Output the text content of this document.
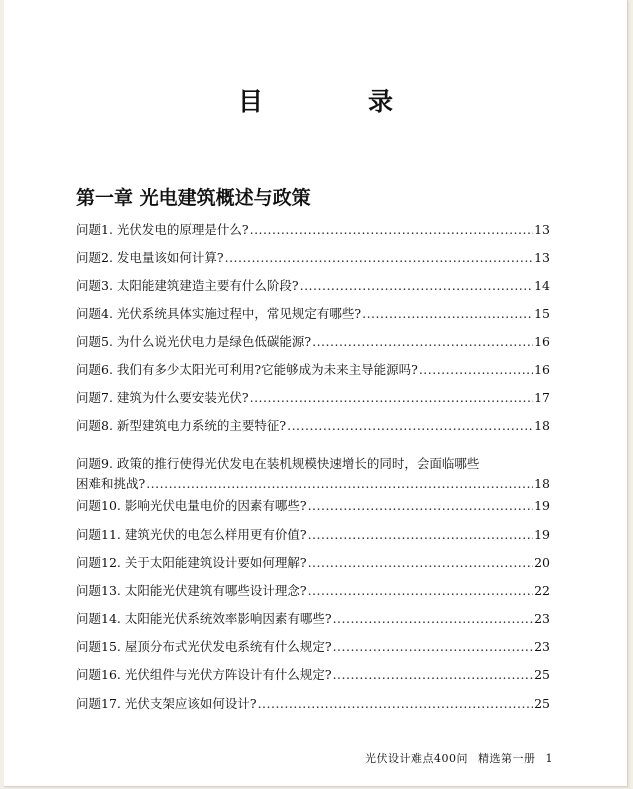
目　录
第一章 光电建筑概述与政策
问题1. 光伏发电的原理是什么? .....	13
问题2. 发电量该如何计算? .....	13
问题3. 太阳能建筑建造主要有什么阶段? .....	14
问题4. 光伏系统具体实施过程中，常见规定有哪些? .....	15
问题5. 为什么说光伏电力是绿色低碳能源? .....	16
问题6. 我们有多少太阳光可利用?它能够成为未来主导能源吗? .....	16
问题7. 建筑为什么要安装光伏? .....	17
问题8. 新型建筑电力系统的主要特征? .....	18
问题9. 政策的推行使得光伏发电在装机规模快速增长的同时，会面临哪些
困难和挑战? .....	18
问题10. 影响光伏电量电价的因素有哪些? .....	19
问题11. 建筑光伏的电怎么样用更有价值? .....	19
问题12. 关于太阳能建筑设计要如何理解? .....	20
问题13. 太阳能光伏建筑有哪些设计理念? .....	22
问题14. 太阳能光伏系统效率影响因素有哪些? .....	23
问题15. 屋顶分布式光伏发电系统有什么规定? .....	23
问题16. 光伏组件与光伏方阵设计有什么规定? .....	25
问题17. 光伏支架应该如何设计? .....	25
光伏设计难点400问 精选第一册 1
